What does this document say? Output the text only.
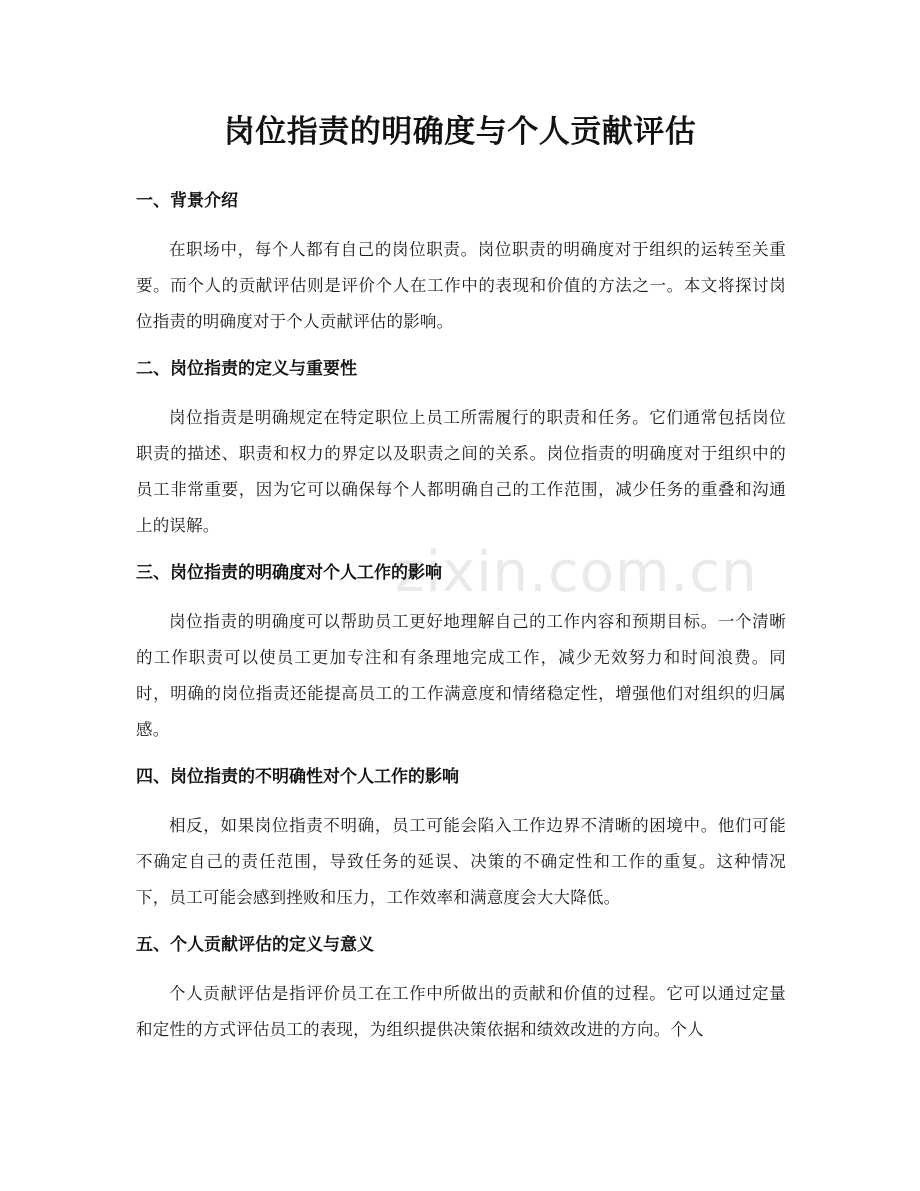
zixin.com.cn
岗位指责的明确度与个人贡献评估
一、背景介绍

在职场中，每个人都有自己的岗位职责。岗位职责的明确度对于组织的运转至关重要。而个人的贡献评估则是评价个人在工作中的表现和价值的方法之一。本文将探讨岗位指责的明确度对于个人贡献评估的影响。

二、岗位指责的定义与重要性

岗位指责是明确规定在特定职位上员工所需履行的职责和任务。它们通常包括岗位职责的描述、职责和权力的界定以及职责之间的关系。岗位指责的明确度对于组织中的员工非常重要，因为它可以确保每个人都明确自己的工作范围，减少任务的重叠和沟通上的误解。

三、岗位指责的明确度对个人工作的影响

岗位指责的明确度可以帮助员工更好地理解自己的工作内容和预期目标。一个清晰的工作职责可以使员工更加专注和有条理地完成工作，减少无效努力和时间浪费。同时，明确的岗位指责还能提高员工的工作满意度和情绪稳定性，增强他们对组织的归属感。

四、岗位指责的不明确性对个人工作的影响

相反，如果岗位指责不明确，员工可能会陷入工作边界不清晰的困境中。他们可能不确定自己的责任范围，导致任务的延误、决策的不确定性和工作的重复。这种情况下，员工可能会感到挫败和压力，工作效率和满意度会大大降低。

五、个人贡献评估的定义与意义

个人贡献评估是指评价员工在工作中所做出的贡献和价值的过程。它可以通过定量和定性的方式评估员工的表现，为组织提供决策依据和绩效改进的方向。个人
